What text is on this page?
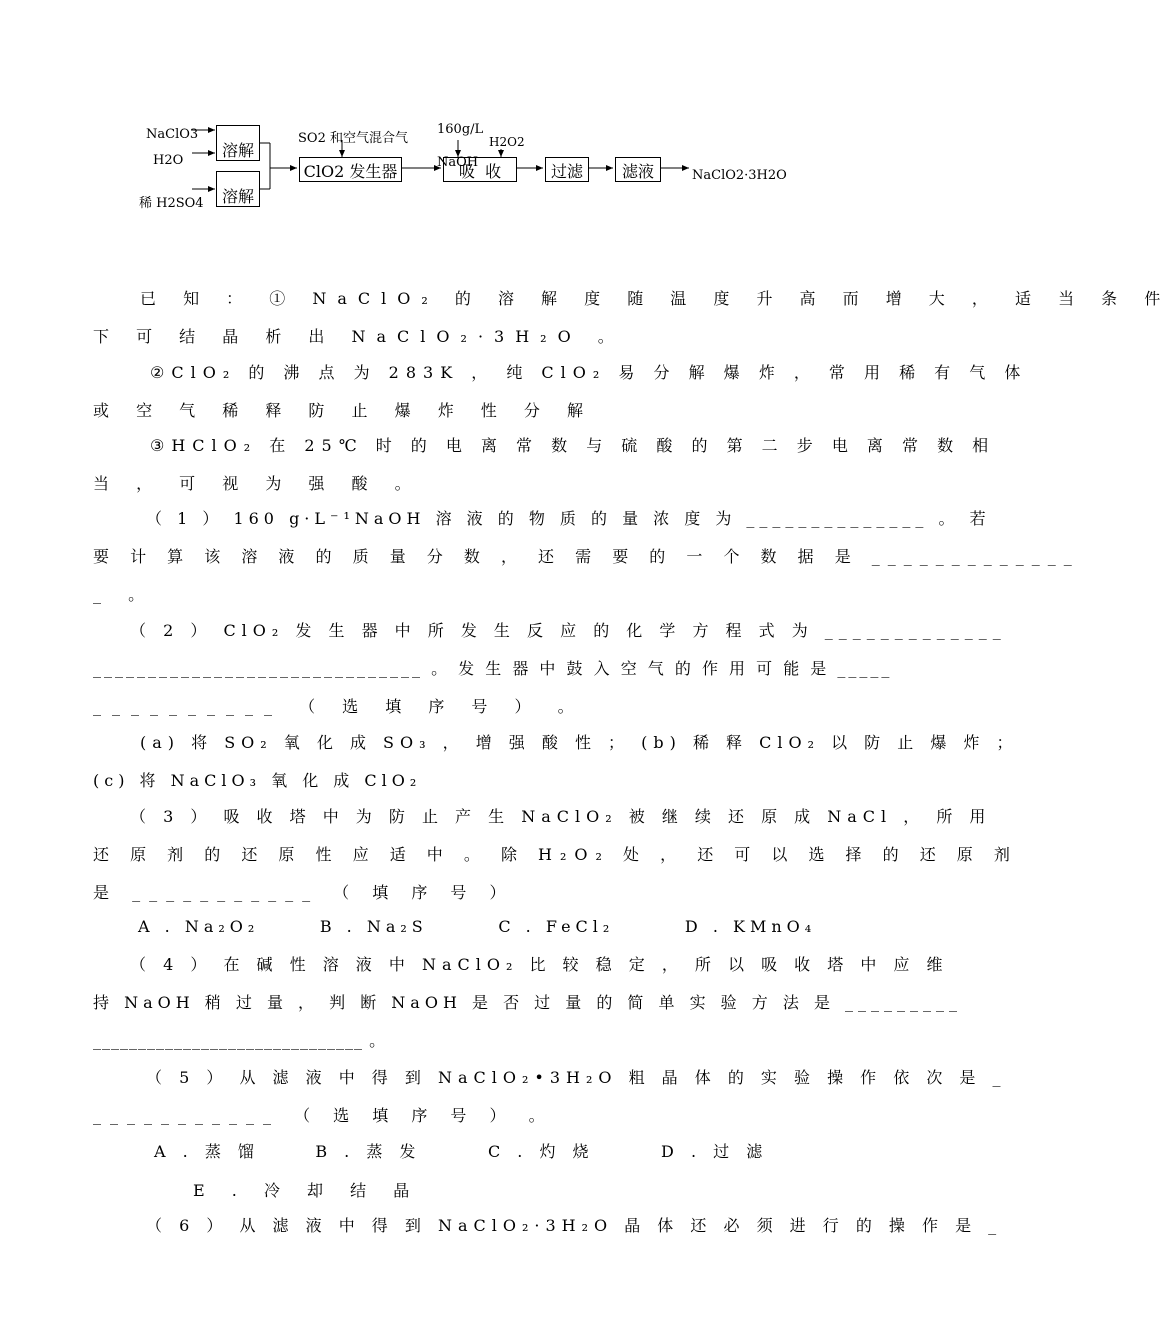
NaClO3
H2O
稀 H2SO4
溶解
溶解
SO2 和空气混合气
ClO2 发生器
160g/L
H2O2
吸  收
NaOH	过滤 滤液	NaClO2·3H2O
已 知 ： ① NaClO₂ 的 溶 解 度 随 温 度 升 高 而 增 大 ， 适 当 条 件
下 可 结 晶 析 出 NaClO₂·3H₂O 。
②ClO₂ 的 沸 点 为 283K ， 纯 ClO₂ 易 分 解 爆 炸 ， 常 用 稀 有 气 体
或 空 气 稀 释 防 止 爆 炸 性 分 解
③HClO₂ 在 25℃ 时 的 电 离 常 数 与 硫 酸 的 第 二 步 电 离 常 数 相
当 ， 可 视 为 强 酸 。
（ 1 ） 160 g·L⁻¹NaOH 溶 液 的 物 质 的 量 浓 度 为 ______________ 。 若
要 计 算 该 溶 液 的 质 量 分 数 ， 还 需 要 的 一 个 数 据 是 _____________
_ 。
（ 2 ） ClO₂ 发 生 器 中 所 发 生 反 应 的 化 学 方 程 式 为 _____________
______________________________ 。 发 生 器 中 鼓 入 空 气 的 作 用 可 能 是 _____
__________ （ 选 填 序 号 ） 。
(a) 将 SO₂ 氧 化 成 SO₃ ， 增 强 酸 性 ； (b) 稀 释 ClO₂ 以 防 止 爆 炸 ；
(c) 将 NaClO₃ 氧 化 成 ClO₂
（ 3 ） 吸 收 塔 中 为 防 止 产 生 NaClO₂ 被 继 续 还 原 成 NaCl ， 所 用
还 原 剂 的 还 原 性 应 适 中 。 除 H₂O₂ 处 ， 还 可 以 选 择 的 还 原 剂
是 ___________ （ 填 序 号 ）
A . Na₂O₂      B . Na₂S       C . FeCl₂       D . KMnO₄
（ 4 ） 在 碱 性 溶 液 中 NaClO₂ 比 较 稳 定 ， 所 以 吸 收 塔 中 应 维
持 NaOH 稍 过 量 ， 判 断 NaOH 是 否 过 量 的 简 单 实 验 方 法 是 _________
______________________________ 。
（ 5 ） 从 滤 液 中 得 到 NaClO₂•3H₂O 粗 晶 体 的 实 验 操 作 依 次 是 _
___________ （ 选 填 序 号 ） 。
A . 蒸 馏     B . 蒸 发      C . 灼 烧      D . 过 滤
E . 冷 却 结 晶
（ 6 ） 从 滤 液 中 得 到 NaClO₂·3H₂O 晶 体 还 必 须 进 行 的 操 作 是 _
